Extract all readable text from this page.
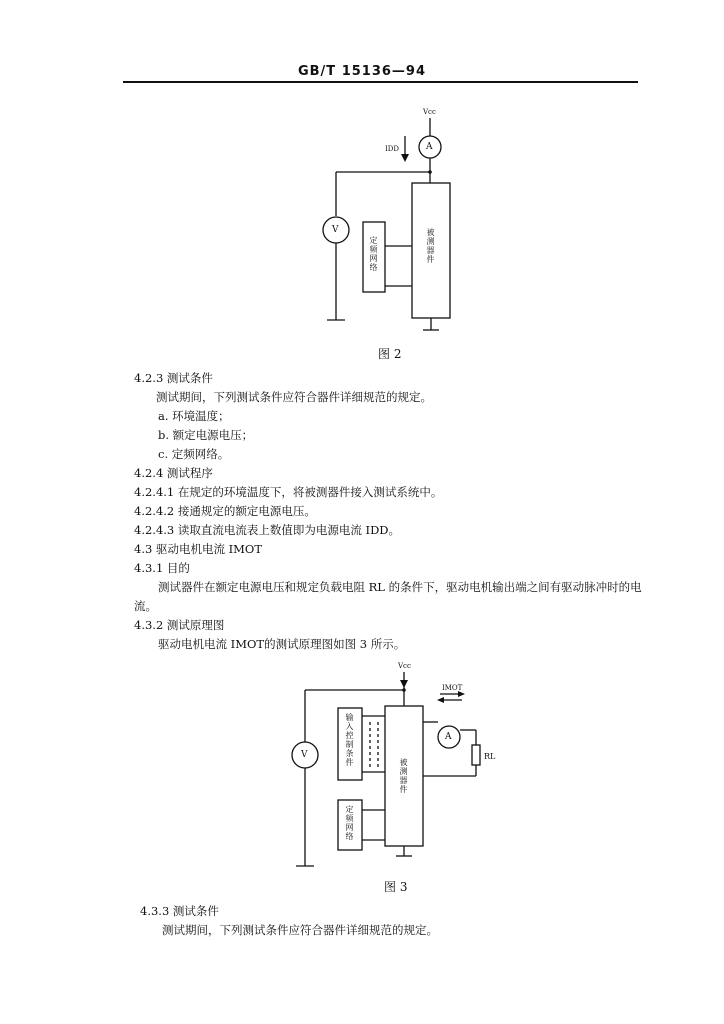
GB/T 15136—94
Vcc
IDD	A
V
定频网络	被测器件
图 2
4.2.3 测试条件
测试期间，下列测试条件应符合器件详细规范的规定。
a. 环境温度；
b. 额定电源电压；
c. 定频网络。
4.2.4 测试程序
4.2.4.1 在规定的环境温度下，将被测器件接入测试系统中。
4.2.4.2 接通规定的额定电源电压。
4.2.4.3 读取直流电流表上数值即为电源电流 IDD。
4.3 驱动电机电流 IMOT
4.3.1 目的
测试器件在额定电源电压和规定负载电阻 RL 的条件下，驱动电机输出端之间有驱动脉冲时的电
流。
4.3.2 测试原理图
驱动电机电流 IMOT的测试原理图如图 3 所示。
Vcc
IMOT
A
V	RL
输入控制条件
定频网络
被测器件
图 3
4.3.3 测试条件
测试期间，下列测试条件应符合器件详细规范的规定。
